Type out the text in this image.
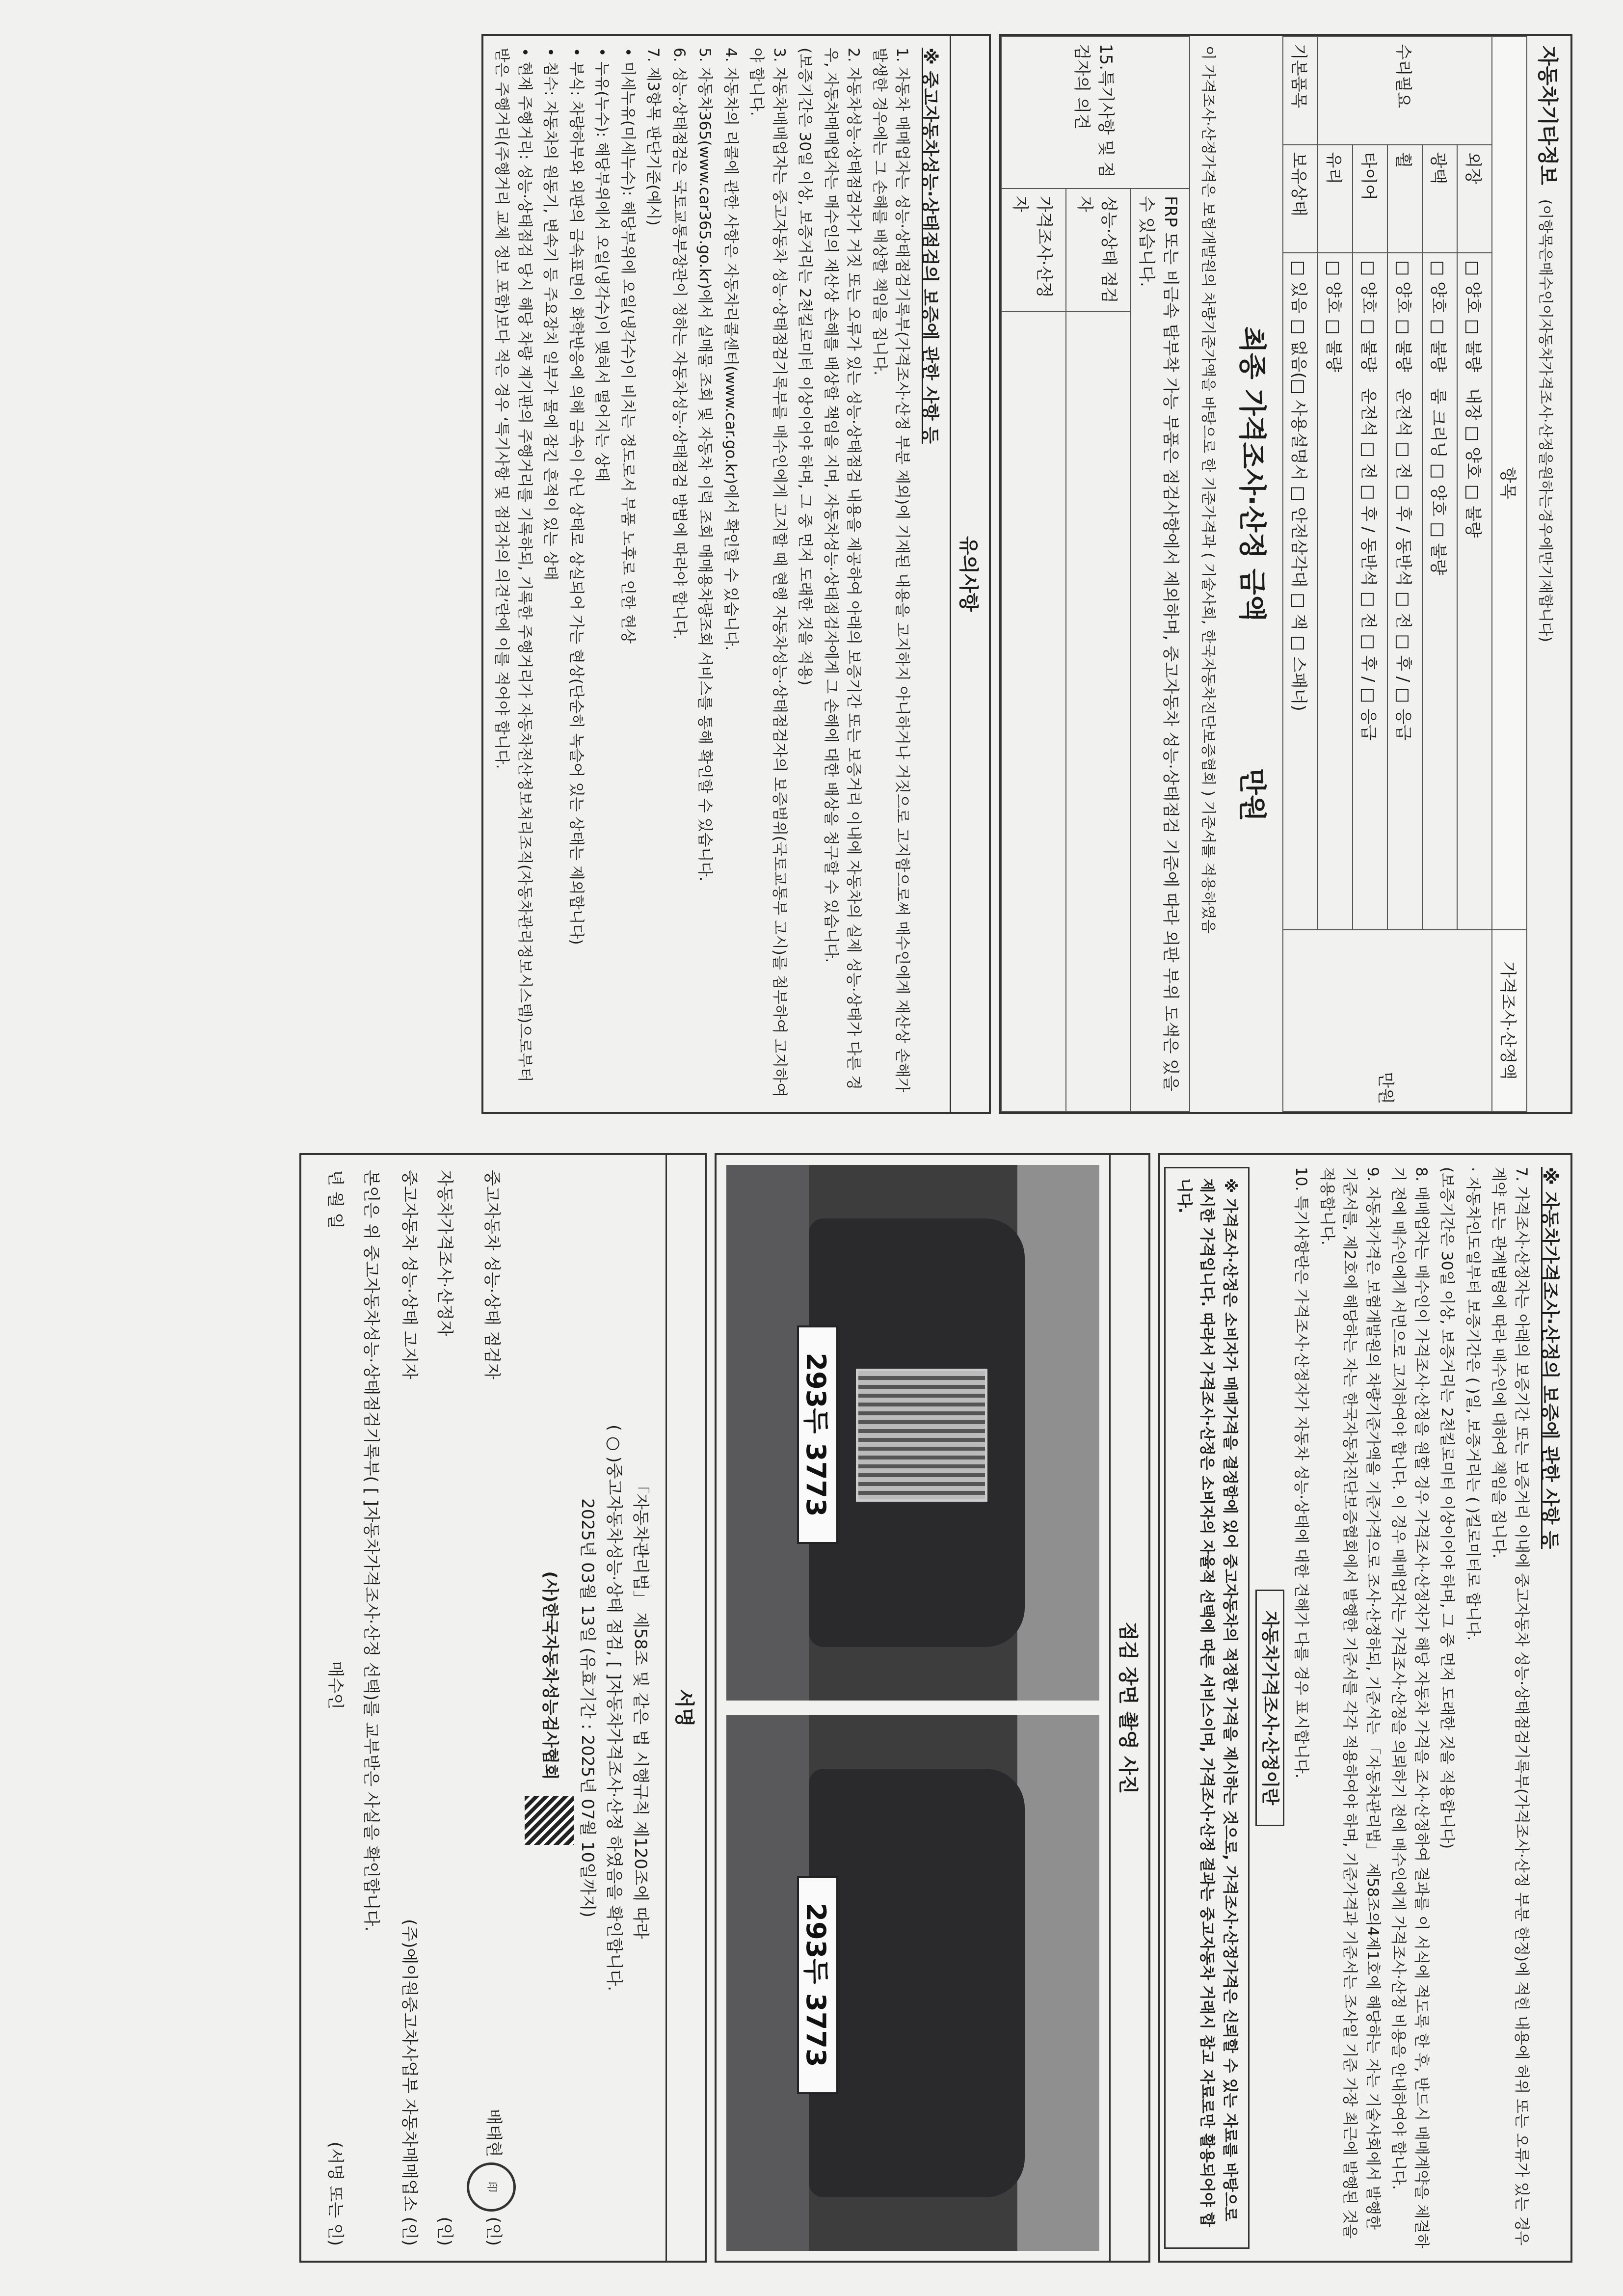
자동차기타정보 (이항목은매수인이자동차가격조사·산정을원하는경우에만기재합니다)
항목			가격조사·산정액
수리필요	외장	□ 양호 □ 불량   내장 □ 양호 □ 불량	만원
	광택	□ 양호 □ 불량   룸 크리닝 □ 양호 □ 불량	
	휠	□ 양호 □ 불량   운전석 □ 전 □ 후 / 동반석 □ 전 □ 후 / □ 응급	
	타이어	□ 양호 □ 불량   운전석 □ 전 □ 후 / 동반석 □ 전 □ 후 / □ 응급	
	유리	□ 양호 □ 불량	
기본품목	보유상태	□ 있음 □ 없음(□ 사용설명서 □ 안전삼각대 □ 잭 □ 스패너)	
최종 가격조사·산정 금액  만원
이 가격조사·산정가격은 보험개발원의 차량기준가액을 바탕으로 한 기준가격과 ( 기술사회, 한국자동차진단보증협회 ) 기준서를 적용하였음
15.특기사항 및 점검자의 의견	FRP 또는 비금속 탑부착 가능 부품은 점검사항에서 제외하며, 중고자동차 성능·상태점검 기준에 따라 외판 부위 도색은 있을 수 있습니다.	
	성능·상태 점검자	
	가격조사·산정자	
유의사항

※ 중고자동차성능·상태점검의 보증에 관한 사항 등

1. 자동차 매매업자는 성능·상태점검기록부(가격조사·산정 부분 제외)에 기재된 내용을 고지하지 아니하거나 거짓으로 고지함으로써 매수인에게 재산상 손해가 발생한 경우에는 그 손해를 배상할 책임을 집니다.

2. 자동차성능·상태점검자가 거짓 또는 오류가 있는 성능·상태점검 내용을 제공하여 아래의 보증기간 또는 보증거리 이내에 자동차의 실제 성능·상태가 다른 경우, 자동차매매업자는 매수인의 재산상 손해를 배상할 책임을 지며, 자동차성능·상태점검자에게 그 손해에 대한 배상을 청구할 수 있습니다.

(보증기간은 30일 이상, 보증거리는 2천킬로미터 이상이어야 하며, 그 중 먼저 도래한 것을 적용)

3. 자동차매매업자는 중고자동차 성능·상태점검기록부를 매수인에게 고지할 때 현행 자동차성능·상태점검자의 보증범위(국토교통부 고시)를 첨부하여 고지하여야 합니다.

4. 자동차의 리콜에 관한 사항은 자동차리콜센터(www.car.go.kr)에서 확인할 수 있습니다.

5. 자동차365(www.car365.go.kr)에서 실매물 조회 및 자동차 이력 조회 매매용차량조회 서비스를 통해 확인할 수 있습니다.

6. 성능·상태점검은 국토교통부장관이 정하는 자동차성능·상태점검 방법에 따라야 합니다.

7. 제3항목 판단기준(예시)

• 미세누유(미세누수): 해당부위에 오일(냉각수)이 비치는 정도로서 부품 노후로 인한 현상

• 누유(누수): 해당부위에서 오일(냉각수)이 맺혀서 떨어지는 상태

• 부식: 차량하부와 외판의 금속표면이 화학반응에 의해 금속이 아닌 상태로 상실되어 가는 현상(단순히 녹슬어 있는 상태는 제외합니다)

• 침수: 자동차의 원동기, 변속기 등 주요장치 일부가 물에 잠긴 흔적이 있는 상태

• 현재 주행거리: 성능·상태점검 당시 해당 차량 계기판의 주행거리를 기록하되, 기록한 주행거리가 자동차전산정보처리조직(자동차관리정보시스템)으로부터 받은 주행거리(주행거리 교체 정보 포함)보다 적은 경우 ‘특기사항 및 점검자의 의견’란에 이를 적어야 합니다.

※ 자동차가격조사·산정의 보증에 관한 사항 등

7. 가격조사·산정자는 아래의 보증기간 또는 보증거리 이내에 중고자동차 성능·상태점검기록부(가격조사·산정 부분 한정)에 적힌 내용에 허위 또는 오류가 있는 경우 계약 또는 관계법령에 따라 매수인에 대하여 책임을 집니다.

· 자동차인도일부터 보증기간은 ( )일, 보증거리는 ( )킬로미터로 합니다.

(보증기간은 30일 이상, 보증거리는 2천킬로미터 이상이어야 하며, 그 중 먼저 도래한 것을 적용합니다)

8. 매매업자는 매수인이 가격조사·산정을 원할 경우 가격조사·산정자가 해당 자동차 가격을 조사·산정하여 결과를 이 서식에 적도록 한 후, 반드시 매매계약을 체결하기 전에 매수인에게 서면으로 고지하여야 합니다. 이 경우 매매업자는 가격조사·산정을 의뢰하기 전에 매수인에게 가격조사·산정 비용을 안내하여야 합니다.

9. 자동차가격은 보험개발원의 차량기준가액을 기준가격으로 조사·산정하되, 기준서는 「자동차관리법」 제58조의4제1호에 해당하는 자는 기술사회에서 발행한 기준서를, 제2호에 해당하는 자는 한국자동차진단보증협회에서 발행한 기준서를 각각 적용하여야 하며, 기준가격과 기준서는 조사일 기준 가장 최근에 발행된 것을 적용합니다.

10. 특기사항란은 가격조사·산정자가 자동차 성능·상태에 대한 견해가 다를 경우 표시합니다.

자동차가격조사·산정이란
※ 가격조사·산정은 소비자가 매매가격을 결정함에 있어 중고자동차의 적정한 가격을 제시하는 것으로, 가격조사·산정가격은 신뢰할 수 있는 자료를 바탕으로 제시한 가격입니다. 따라서 가격조사·산정은 소비자의 자율적 선택에 따른 서비스이며, 가격조사·산정 결과는 중고자동차 거래시 참고 자료로만 활용되어야 합니다.
점검 장면 촬영 사진
293두 3773
293두 3773
서명
「자동차관리법」 제58조 및 같은 법 시행규칙 제120조에 따라
( ○ )중고자동차성능·상태 점검, [ ]자동차가격조사·산정 하였음을 확인합니다.
2025년 03월 13일 (유효기간 : 2025년 07월 10일까지)
(사)한국자동차성능검사협회
중고자동차 성능·상태 점검자
배태현 印 (인)
자동차가격조사·산정자
(인)
중고자동차 성능·상태 고지자
(주)에이원중고차사업부 자동차매매업소 (인)
본인은 위 중고자동차성능·상태점검기록부( [ ]자동차가격조사·산정 선택)를 교부받은 사실을 확인합니다.
년 월 일
매수인
(서명 또는 인)
